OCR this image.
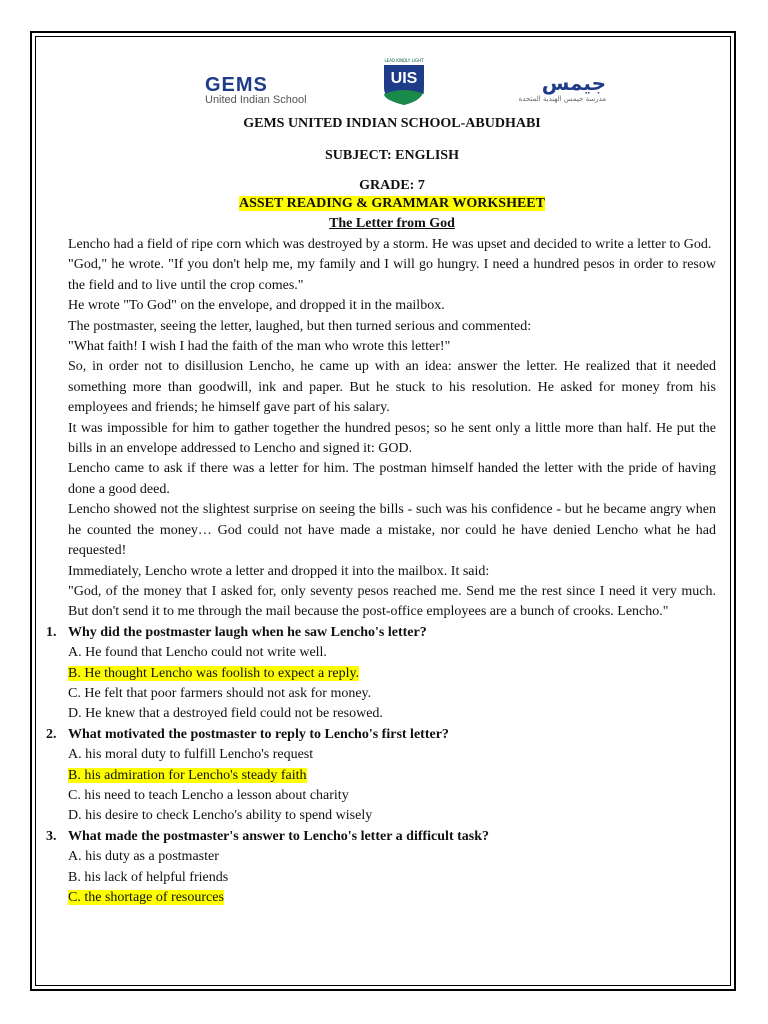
GEMS
United Indian School
LEAD KINDLY LIGHT
UIS	جيمس
مدرسة جيمس الهندية المتحدة
GEMS UNITED INDIAN SCHOOL-ABUDHABI
SUBJECT: ENGLISH
GRADE: 7
ASSET READING & GRAMMAR WORKSHEET
The Letter from God

Lencho had a field of ripe corn which was destroyed by a storm. He was upset and decided to write a letter to God.

"God," he wrote. "If you don't help me, my family and I will go hungry. I need a hundred pesos in order to resow the field and to live until the crop comes."

He wrote "To God" on the envelope, and dropped it in the mailbox.

The postmaster, seeing the letter, laughed, but then turned serious and commented:

"What faith! I wish I had the faith of the man who wrote this letter!"

So, in order not to disillusion Lencho, he came up with an idea: answer the letter. He realized that it needed something more than goodwill, ink and paper. But he stuck to his resolution. He asked for money from his employees and friends; he himself gave part of his salary.

It was impossible for him to gather together the hundred pesos; so he sent only a little more than half. He put the bills in an envelope addressed to Lencho and signed it: GOD.

Lencho came to ask if there was a letter for him. The postman himself handed the letter with the pride of having done a good deed.

Lencho showed not the slightest surprise on seeing the bills - such was his confidence - but he became angry when he counted the money… God could not have made a mistake, nor could he have denied Lencho what he had requested!

Immediately, Lencho wrote a letter and dropped it into the mailbox. It said:

"God, of the money that I asked for, only seventy pesos reached me. Send me the rest since I need it very much. But don't send it to me through the mail because the post-office employees are a bunch of crooks. Lencho."

1. Why did the postmaster laugh when he saw Lencho's letter?
A. He found that Lencho could not write well.
B. He thought Lencho was foolish to expect a reply.
C. He felt that poor farmers should not ask for money.
D. He knew that a destroyed field could not be resowed.
2. What motivated the postmaster to reply to Lencho's first letter?
A. his moral duty to fulfill Lencho's request
B. his admiration for Lencho's steady faith
C. his need to teach Lencho a lesson about charity
D. his desire to check Lencho's ability to spend wisely
3. What made the postmaster's answer to Lencho's letter a difficult task?
A. his duty as a postmaster
B. his lack of helpful friends
C. the shortage of resources
